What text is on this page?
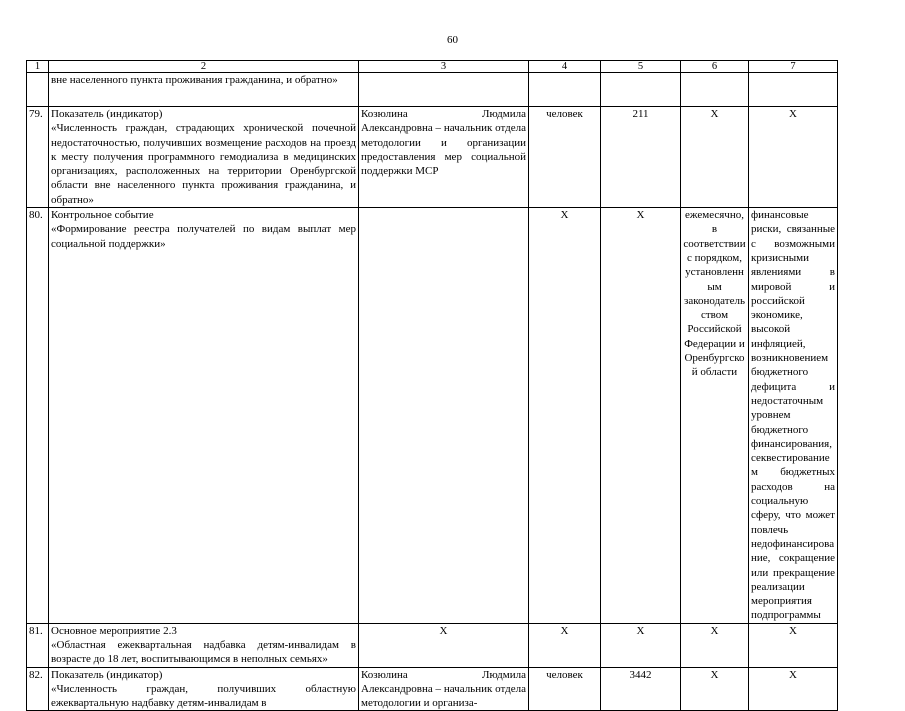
60
1	2	3	4	5	6	7
	вне населенного пункта проживания гражданина, и обратно»					
79.	Показатель (индикатор)
«Численность граждан, страдающих хронической почечной недостаточностью, получивших возмещение расходов на проезд к месту получения программного гемодиализа в медицинских организациях, расположенных на территории Оренбургской области вне населенного пункта проживания гражданина, и обратно»	Козюлина Людмила Александровна – начальник отдела методологии и организации предоставления мер социальной поддержки МСР	человек	211	X	X
80.	Контрольное событие
«Формирование реестра получателей по видам выплат мер социальной поддержки»		X	X	ежемесячно, в соответствии с порядком, установленным законодательством Российской Федерации и Оренбургской области	финансовые риски, связанные с возможными кризисными явлениями в мировой и российской экономике, высокой инфляцией, возникновением бюджетного дефицита и недостаточным уровнем бюджетного финансирования, секвестированием бюджетных расходов на социальную сферу, что может повлечь недофинансирование, сокращение или прекращение реализации мероприятия подпрограммы
81.	Основное мероприятие 2.3
«Областная ежеквартальная надбавка детям-инвалидам в возрасте до 18 лет, воспитывающимся в неполных семьях»	X	X	X	X	X
82.	Показатель (индикатор)
«Численность граждан, получивших областную ежеквартальную надбавку детям-инвалидам в	Козюлина Людмила Александровна – начальник отдела методологии и организа-	человек	3442	X	X
